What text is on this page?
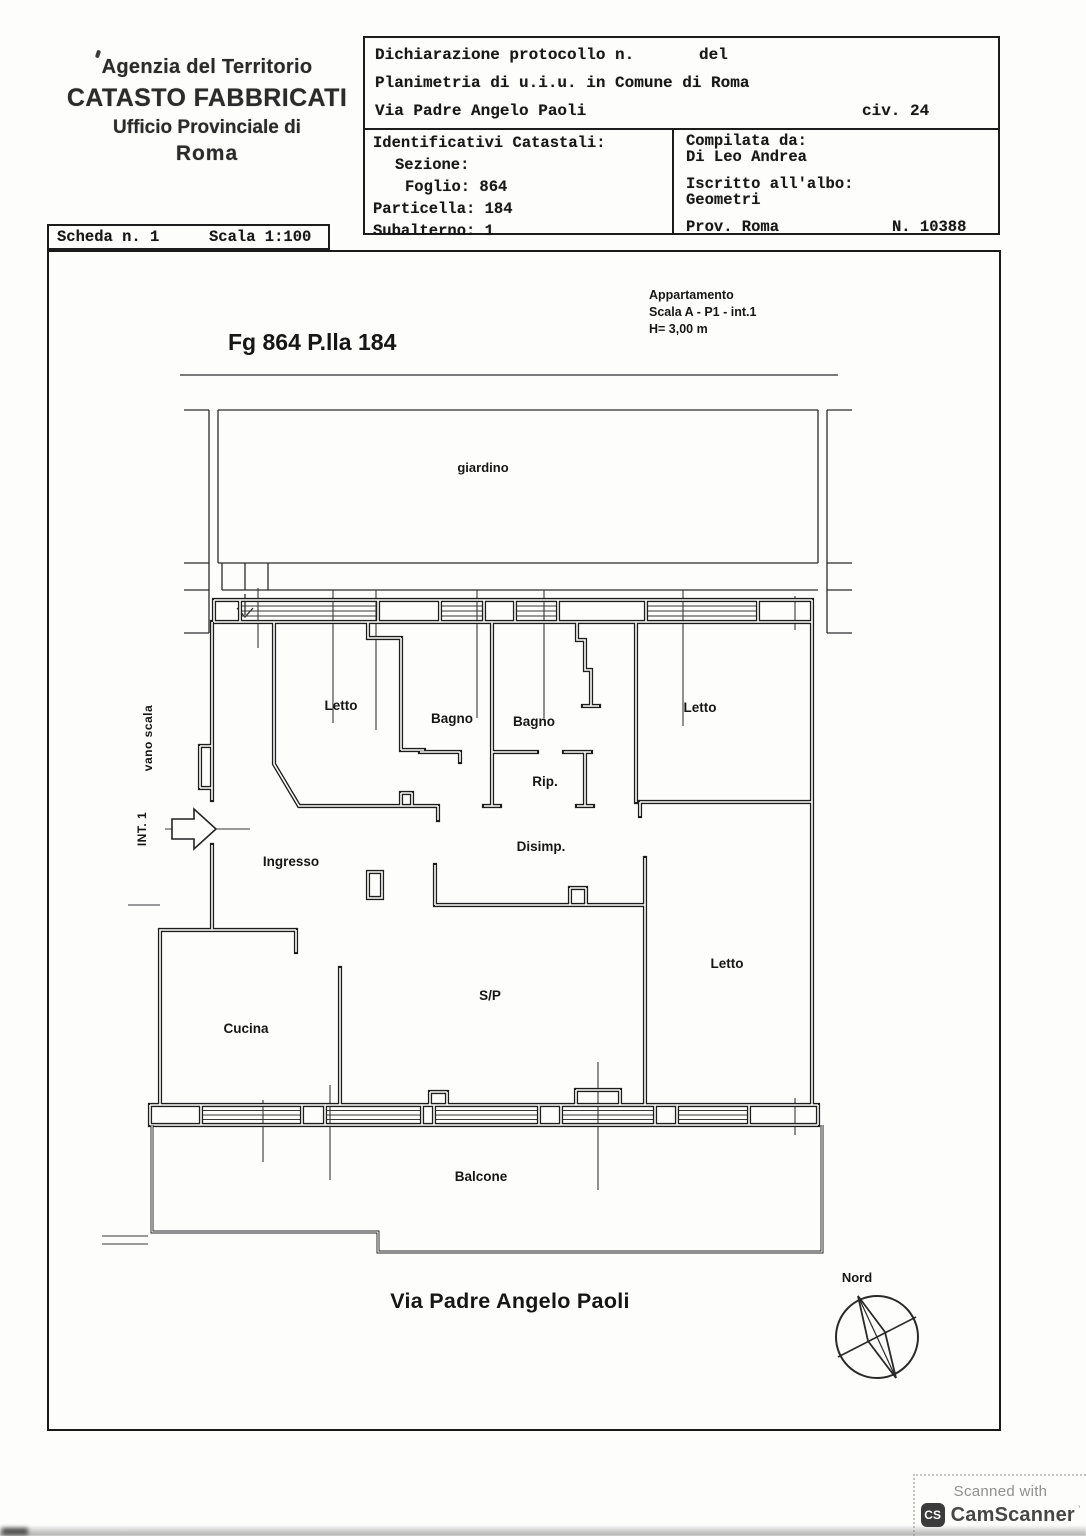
Agenzia del Territorio
CATASTO FABBRICATI
Ufficio Provinciale di
Roma
Dichiarazione protocollo n.	del
Planimetria di u.i.u. in Comune di Roma
Via Padre Angelo Paoli	civ. 24
Identificativi Catastali:
Sezione:
Foglio: 864
Particella: 184
Subalterno: 1
Compilata da:
Di Leo Andrea
Iscritto all'albo:
Geometri
Prov. Roma	N. 10388
Scheda n. 1	Scala 1:100
Nord
Fg 864 P.lla 184
Appartamento
Scala A - P1 - int.1
H= 3,00 m
giardino
Letto
Bagno	Bagno
Letto
Rip.
Disimp.
Ingresso
Cucina
S/P
Letto
Balcone
vano scala
INT. 1
Via Padre Angelo Paoli
Scanned with
CS CamScanner ’
